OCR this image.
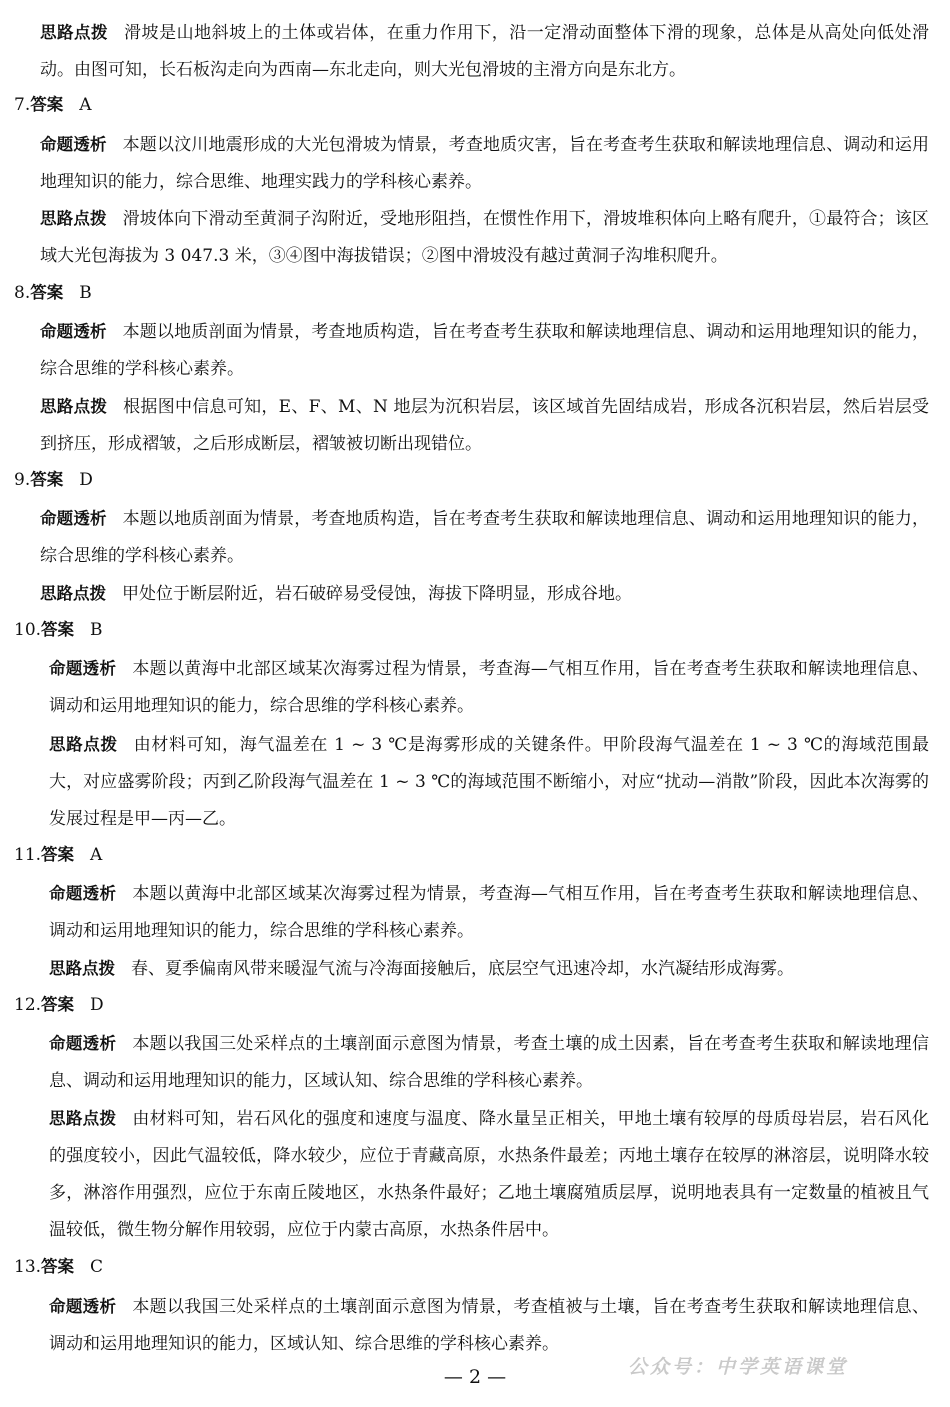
思路点拨 滑坡是山地斜坡上的土体或岩体，在重力作用下，沿一定滑动面整体下滑的现象，总体是从高处向低处滑动。由图可知，长石板沟走向为西南—东北走向，则大光包滑坡的主滑方向是东北方。
7.答案 A
命题透析 本题以汶川地震形成的大光包滑坡为情景，考查地质灾害，旨在考查考生获取和解读地理信息、调动和运用地理知识的能力，综合思维、地理实践力的学科核心素养。
思路点拨 滑坡体向下滑动至黄洞子沟附近，受地形阻挡，在惯性作用下，滑坡堆积体向上略有爬升，①最符合；该区域大光包海拔为 3 047.3 米，③④图中海拔错误；②图中滑坡没有越过黄洞子沟堆积爬升。
8.答案 B
命题透析 本题以地质剖面为情景，考查地质构造，旨在考查考生获取和解读地理信息、调动和运用地理知识的能力，综合思维的学科核心素养。
思路点拨 根据图中信息可知，E、F、M、N 地层为沉积岩层，该区域首先固结成岩，形成各沉积岩层，然后岩层受到挤压，形成褶皱，之后形成断层，褶皱被切断出现错位。
9.答案 D
命题透析 本题以地质剖面为情景，考查地质构造，旨在考查考生获取和解读地理信息、调动和运用地理知识的能力，综合思维的学科核心素养。
思路点拨 甲处位于断层附近，岩石破碎易受侵蚀，海拔下降明显，形成谷地。
10.答案 B
命题透析 本题以黄海中北部区域某次海雾过程为情景，考查海—气相互作用，旨在考查考生获取和解读地理信息、调动和运用地理知识的能力，综合思维的学科核心素养。
思路点拨 由材料可知，海气温差在 1 ~ 3 ℃是海雾形成的关键条件。甲阶段海气温差在 1 ~ 3 ℃的海域范围最大，对应盛雾阶段；丙到乙阶段海气温差在 1 ~ 3 ℃的海域范围不断缩小，对应“扰动—消散”阶段，因此本次海雾的发展过程是甲—丙—乙。
11.答案 A
命题透析 本题以黄海中北部区域某次海雾过程为情景，考查海—气相互作用，旨在考查考生获取和解读地理信息、调动和运用地理知识的能力，综合思维的学科核心素养。
思路点拨 春、夏季偏南风带来暖湿气流与冷海面接触后，底层空气迅速冷却，水汽凝结形成海雾。
12.答案 D
命题透析 本题以我国三处采样点的土壤剖面示意图为情景，考查土壤的成土因素，旨在考查考生获取和解读地理信息、调动和运用地理知识的能力，区域认知、综合思维的学科核心素养。
思路点拨 由材料可知，岩石风化的强度和速度与温度、降水量呈正相关，甲地土壤有较厚的母质母岩层，岩石风化的强度较小，因此气温较低，降水较少，应位于青藏高原，水热条件最差；丙地土壤存在较厚的淋溶层，说明降水较多，淋溶作用强烈，应位于东南丘陵地区，水热条件最好；乙地土壤腐殖质层厚，说明地表具有一定数量的植被且气温较低，微生物分解作用较弱，应位于内蒙古高原，水热条件居中。
13.答案 C
命题透析 本题以我国三处采样点的土壤剖面示意图为情景，考查植被与土壤，旨在考查考生获取和解读地理信息、调动和运用地理知识的能力，区域认知、综合思维的学科核心素养。
公众号：中学英语课堂
— 2 —
